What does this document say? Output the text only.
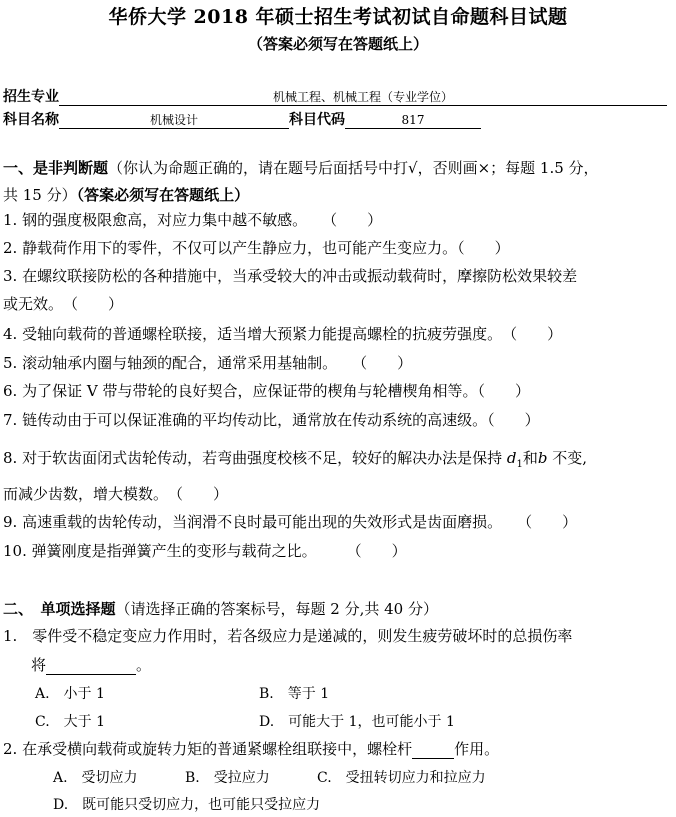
华侨大学 2018 年硕士招生考试初试自命题科目试题
（答案必须写在答题纸上）
招生专业	机械工程、机械工程（专业学位）
科目名称	机械设计	科目代码	817
一、是非判断题（你认为命题正确的，请在题号后面括号中打√，否则画×；每题 1.5 分，
共 15 分）（答案必须写在答题纸上）
1. 钢的强度极限愈高，对应力集中越不敏感。　　（　　）
2. 静载荷作用下的零件，不仅可以产生静应力，也可能产生变应力。（　　）
3. 在螺纹联接防松的各种措施中，当承受较大的冲击或振动载荷时，摩擦防松效果较差
或无效。　（　　）
4. 受轴向载荷的普通螺栓联接，适当增大预紧力能提高螺栓的抗疲劳强度。　（　　）
5. 滚动轴承内圈与轴颈的配合，通常采用基轴制。　　（　　）
6. 为了保证 V 带与带轮的良好契合，应保证带的楔角与轮槽楔角相等。（　　）
7. 链传动由于可以保证准确的平均传动比，通常放在传动系统的高速级。（　　）
8. 对于软齿面闭式齿轮传动，若弯曲强度校核不足，较好的解决办法是保持 $d_1$和b 不变,
而减少齿数，增大模数。　（　　）
9. 高速重载的齿轮传动，当润滑不良时最可能出现的失效形式是齿面磨损。　　（　　）
10. 弹簧刚度是指弹簧产生的变形与载荷之比。　　　（　　）
二、　单项选择题（请选择正确的答案标号，每题 2 分,共 40 分）
1.　零件受不稳定变应力作用时，若各级应力是递减的，则发生疲劳破坏时的总损伤率
将	。
A.　小于 1	B.　等于 1
C.　大于 1	D.　可能大于 1，也可能小于 1
2. 在承受横向载荷或旋转力矩的普通紧螺栓组联接中，螺栓杆	作用。
A.　受切应力	B.　受拉应力	C.　受扭转切应力和拉应力
D.　既可能只受切应力，也可能只受拉应力
